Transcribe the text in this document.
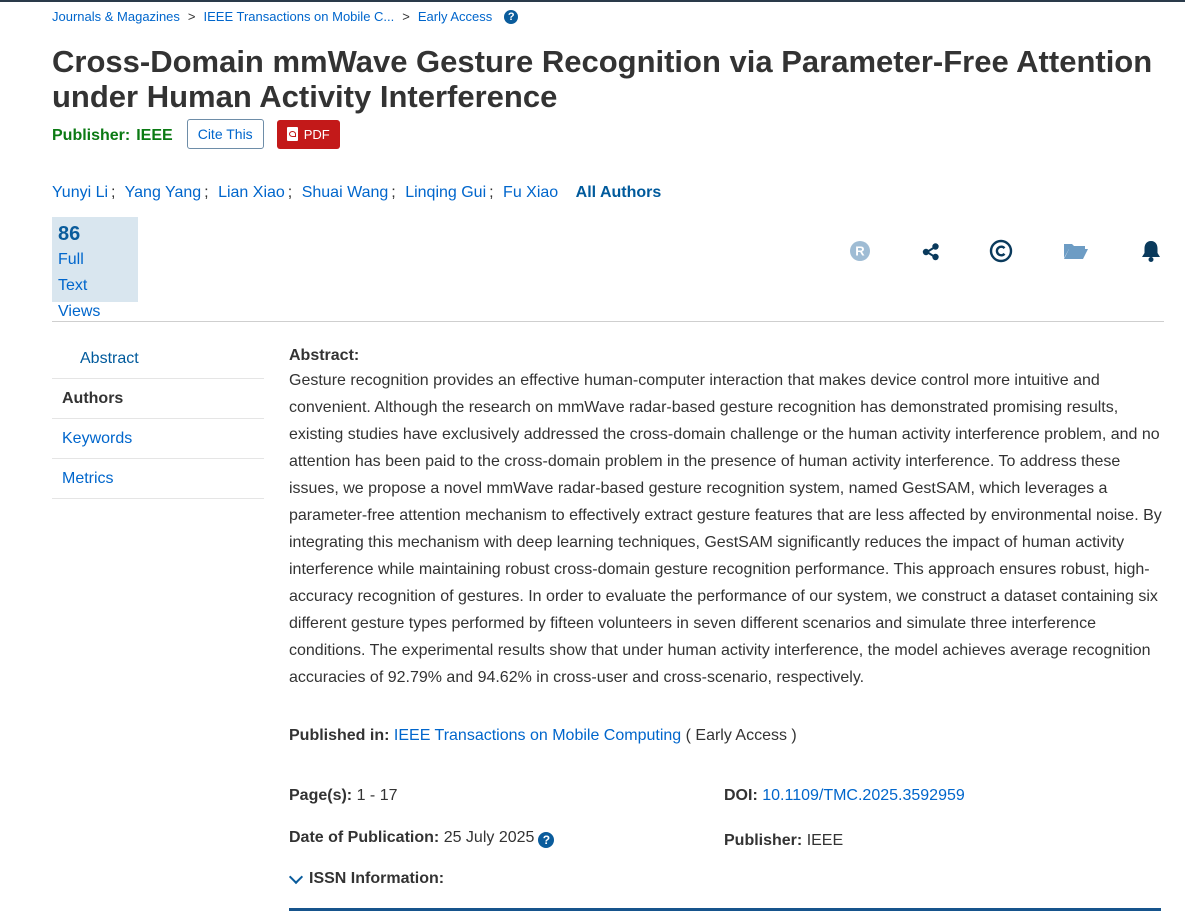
Journals & Magazines > IEEE Transactions on Mobile C... > Early Access	?
Cross-Domain mmWave Gesture Recognition via Parameter-Free Attention under Human Activity Interference
Publisher: IEEE	Cite This	PDF
Yunyi Li ; Yang Yang ; Lian Xiao ; Shuai Wang ; Linqing Gui ; Fu Xiao All Authors
86
Full
Text Views
R
Abstract
Authors
Keywords
Metrics
Abstract:

Gesture recognition provides an effective human-computer interaction that makes device control more intuitive and convenient. Although the research on mmWave radar-based gesture recognition has demonstrated promising results, existing studies have exclusively addressed the cross-domain challenge or the human activity interference problem, and no attention has been paid to the cross-domain problem in the presence of human activity interference. To address these issues, we propose a novel mmWave radar-based gesture recognition system, named GestSAM, which leverages a parameter-free attention mechanism to effectively extract gesture features that are less affected by environmental noise. By integrating this mechanism with deep learning techniques, GestSAM significantly reduces the impact of human activity interference while maintaining robust cross-domain gesture recognition performance. This approach ensures robust, high-accuracy recognition of gestures. In order to evaluate the performance of our system, we construct a dataset containing six different gesture types performed by fifteen volunteers in seven different scenarios and simulate three interference conditions. The experimental results show that under human activity interference, the model achieves average recognition accuracies of 92.79% and 94.62% in cross-user and cross-scenario, respectively.

Published in: IEEE Transactions on Mobile Computing ( Early Access )
Page(s): 1 - 17	DOI: 10.1109/TMC.2025.3592959
Date of Publication: 25 July 2025 ?	Publisher: IEEE
ISSN Information:
